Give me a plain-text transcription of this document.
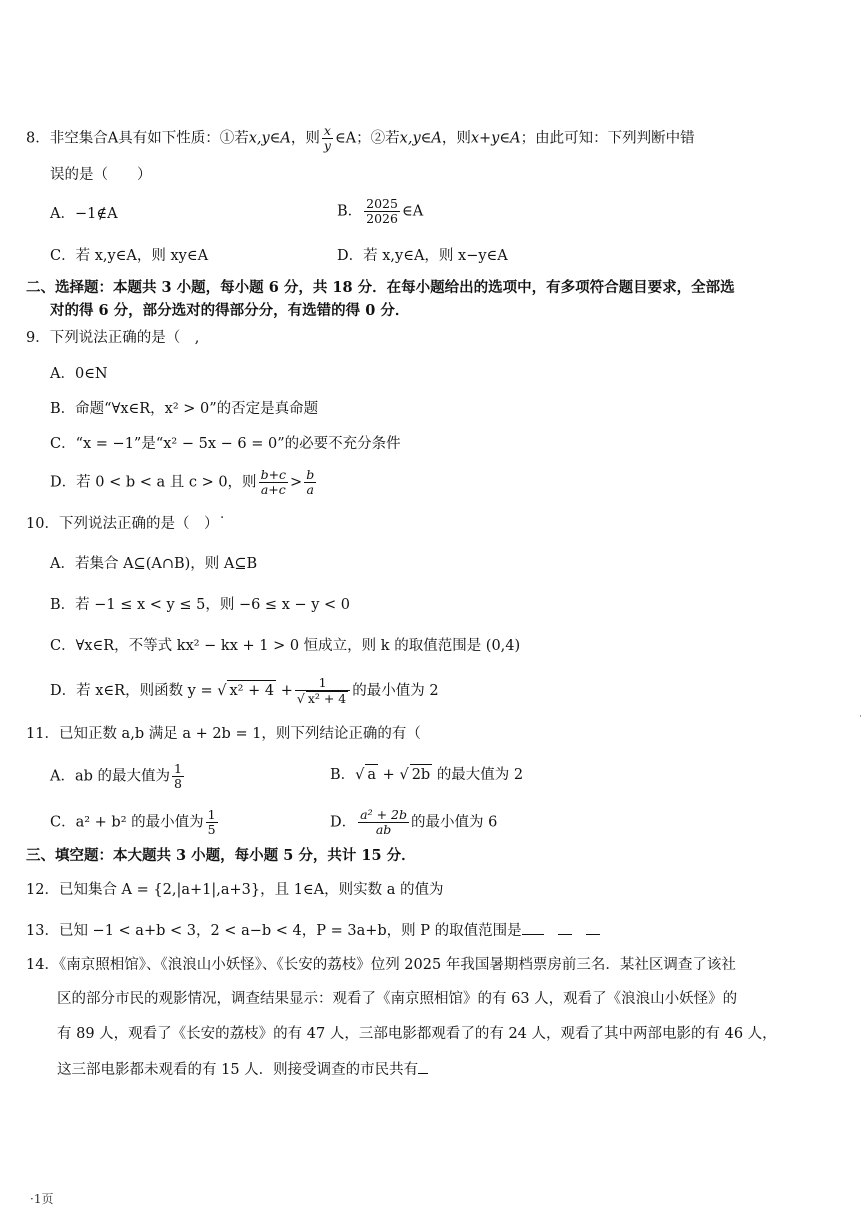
8．非空集合A具有如下性质：①若x,y∈A，则 $\frac{x}{y}$ ∈A；②若x,y∈A，则x+y∈A；由此可知：下列判断中错
误的是（　　）
A．−1∉A	B． $\frac{2025}{2026}$ ∈A
C．若 x,y∈A，则 xy∈A	D．若 x,y∈A，则 x−y∈A
二、选择题：本题共 3 小题，每小题 6 分，共 18 分．在每小题给出的选项中，有多项符合题目要求，全部选
对的得 6 分，部分选对的得部分分，有选错的得 0 分．
9．下列说法正确的是（　,
A．0∈N
B．命题“∀x∈R，x² > 0”的否定是真命题
C．“x = −1”是“x² − 5x − 6 = 0”的必要不充分条件
D．若 0 < b < a 且 c > 0，则 $\frac{b+c}{a+c} > \frac{b}{a}$
10．下列说法正确的是（　）˙
A．若集合 A⊆(A∩B)，则 A⊆B
B．若 −1 ≤ x < y ≤ 5，则 −6 ≤ x − y < 0
C．∀x∈R，不等式 kx² − kx + 1 > 0 恒成立，则 k 的取值范围是 (0,4)
D．若 x∈R，则函数 y = √ $x^2 + 4 + \frac{1}{\text{√ x² + 4}}$ 的最小值为 2
11．已知正数 a,b 满足 a + 2b = 1，则下列结论正确的有（
A．ab 的最大值为 $\frac{1}{8}$	B．√ a + √ 2b 的最大值为 2
C．a² + b² 的最小值为 $\frac{1}{5}$	D． $\frac{\text{a² + 2b}}{ab}$ 的最小值为 6
三、填空题：本大题共 3 小题，每小题 5 分，共计 15 分．
12．已知集合 A = {2,|a+1|,a+3}，且 1∈A，则实数 a 的值为
13．已知 −1 < a+b < 3，2 < a−b < 4，P = 3a+b，则 P 的取值范围是
14．《南京照相馆》、《浪浪山小妖怪》、《长安的荔枝》位列 2025 年我国暑期档票房前三名．某社区调查了该社
区的部分市民的观影情况，调查结果显示：观看了《南京照相馆》的有 63 人，观看了《浪浪山小妖怪》的
有 89 人，观看了《长安的荔枝》的有 47 人，三部电影都观看了的有 24 人，观看了其中两部电影的有 46 人，
这三部电影都未观看的有 15 人．则接受调查的市民共有
·1页
˙
